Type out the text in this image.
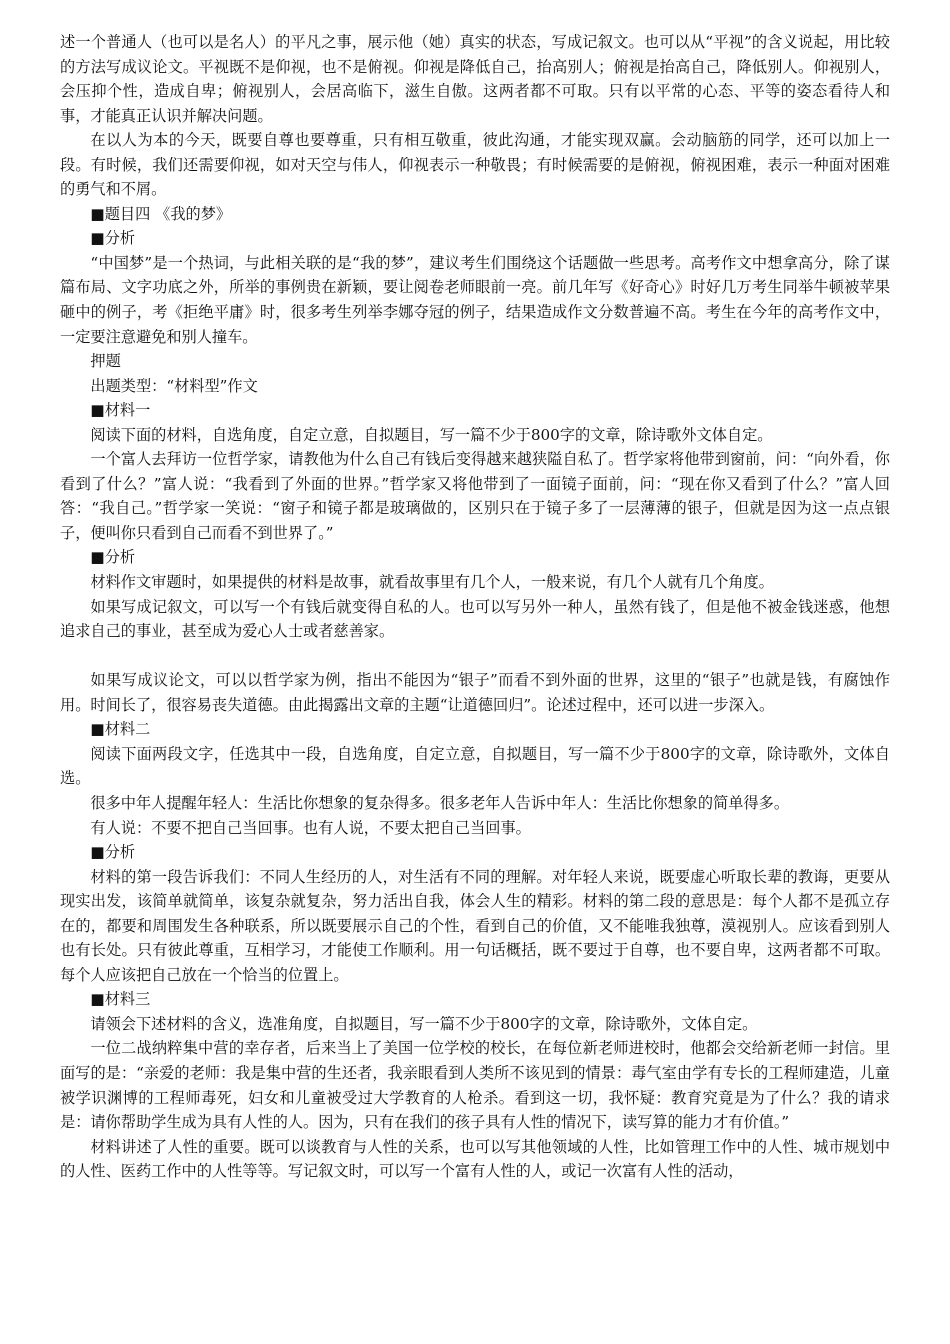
述一个普通人（也可以是名人）的平凡之事，展示他（她）真实的状态，写成记叙文。也可以从“平视”的含义说起，用比较的方法写成议论文。平视既不是仰视，也不是俯视。仰视是降低自己，抬高别人；俯视是抬高自己，降低别人。仰视别人，会压抑个性，造成自卑；俯视别人，会居高临下，滋生自傲。这两者都不可取。只有以平常的心态、平等的姿态看待人和事，才能真正认识并解决问题。

在以人为本的今天，既要自尊也要尊重，只有相互敬重，彼此沟通，才能实现双赢。会动脑筋的同学，还可以加上一段。有时候，我们还需要仰视，如对天空与伟人，仰视表示一种敬畏；有时候需要的是俯视，俯视困难，表示一种面对困难的勇气和不屑。

■题目四 《我的梦》

■分析

“中国梦”是一个热词，与此相关联的是“我的梦”，建议考生们围绕这个话题做一些思考。高考作文中想拿高分，除了谋篇布局、文字功底之外，所举的事例贵在新颖，要让阅卷老师眼前一亮。前几年写《好奇心》时好几万考生同举牛顿被苹果砸中的例子，考《拒绝平庸》时，很多考生列举李娜夺冠的例子，结果造成作文分数普遍不高。考生在今年的高考作文中，一定要注意避免和别人撞车。

押题

出题类型：“材料型”作文

■材料一

阅读下面的材料，自选角度，自定立意，自拟题目，写一篇不少于800字的文章，除诗歌外文体自定。

一个富人去拜访一位哲学家，请教他为什么自己有钱后变得越来越狭隘自私了。哲学家将他带到窗前，问：“向外看，你看到了什么？”富人说：“我看到了外面的世界。”哲学家又将他带到了一面镜子面前，问：“现在你又看到了什么？”富人回答：“我自己。”哲学家一笑说：“窗子和镜子都是玻璃做的，区别只在于镜子多了一层薄薄的银子，但就是因为这一点点银子，便叫你只看到自己而看不到世界了。”

■分析

材料作文审题时，如果提供的材料是故事，就看故事里有几个人，一般来说，有几个人就有几个角度。

如果写成记叙文，可以写一个有钱后就变得自私的人。也可以写另外一种人，虽然有钱了，但是他不被金钱迷惑，他想追求自己的事业，甚至成为爱心人士或者慈善家。

如果写成议论文，可以以哲学家为例，指出不能因为“银子”而看不到外面的世界，这里的“银子”也就是钱，有腐蚀作用。时间长了，很容易丧失道德。由此揭露出文章的主题“让道德回归”。论述过程中，还可以进一步深入。

■材料二

阅读下面两段文字，任选其中一段，自选角度，自定立意，自拟题目，写一篇不少于800字的文章，除诗歌外，文体自选。

很多中年人提醒年轻人：生活比你想象的复杂得多。很多老年人告诉中年人：生活比你想象的简单得多。

有人说：不要不把自己当回事。也有人说，不要太把自己当回事。

■分析

材料的第一段告诉我们：不同人生经历的人，对生活有不同的理解。对年轻人来说，既要虚心听取长辈的教诲，更要从现实出发，该简单就简单，该复杂就复杂，努力活出自我，体会人生的精彩。材料的第二段的意思是：每个人都不是孤立存在的，都要和周围发生各种联系，所以既要展示自己的个性，看到自己的价值，又不能唯我独尊，漠视别人。应该看到别人也有长处。只有彼此尊重，互相学习，才能使工作顺利。用一句话概括，既不要过于自尊，也不要自卑，这两者都不可取。每个人应该把自己放在一个恰当的位置上。

■材料三

请领会下述材料的含义，选准角度，自拟题目，写一篇不少于800字的文章，除诗歌外，文体自定。

一位二战纳粹集中营的幸存者，后来当上了美国一位学校的校长，在每位新老师进校时，他都会交给新老师一封信。里面写的是：“亲爱的老师：我是集中营的生还者，我亲眼看到人类所不该见到的情景：毒气室由学有专长的工程师建造，儿童被学识渊博的工程师毒死，妇女和儿童被受过大学教育的人枪杀。看到这一切，我怀疑：教育究竟是为了什么？我的请求是：请你帮助学生成为具有人性的人。因为，只有在我们的孩子具有人性的情况下，读写算的能力才有价值。”

材料讲述了人性的重要。既可以谈教育与人性的关系，也可以写其他领域的人性，比如管理工作中的人性、城市规划中的人性、医药工作中的人性等等。写记叙文时，可以写一个富有人性的人，或记一次富有人性的活动，
